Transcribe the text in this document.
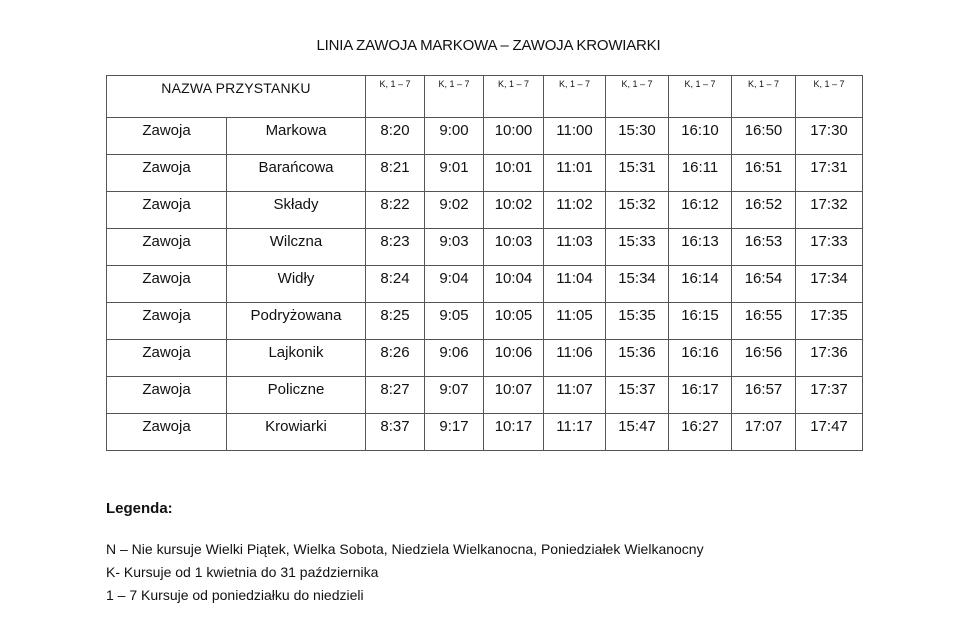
LINIA ZAWOJA MARKOWA – ZAWOJA KROWIARKI
NAZWA PRZYSTANKU		K, 1 – 7	K, 1 – 7	K, 1 – 7	K, 1 – 7	K, 1 – 7	K, 1 – 7	K, 1 – 7	K, 1 – 7
Zawoja	Markowa	8:20	9:00	10:00	11:00	15:30	16:10	16:50	17:30
Zawoja	Barańcowa	8:21	9:01	10:01	11:01	15:31	16:11	16:51	17:31
Zawoja	Składy	8:22	9:02	10:02	11:02	15:32	16:12	16:52	17:32
Zawoja	Wilczna	8:23	9:03	10:03	11:03	15:33	16:13	16:53	17:33
Zawoja	Widły	8:24	9:04	10:04	11:04	15:34	16:14	16:54	17:34
Zawoja	Podryżowana	8:25	9:05	10:05	11:05	15:35	16:15	16:55	17:35
Zawoja	Lajkonik	8:26	9:06	10:06	11:06	15:36	16:16	16:56	17:36
Zawoja	Policzne	8:27	9:07	10:07	11:07	15:37	16:17	16:57	17:37
Zawoja	Krowiarki	8:37	9:17	10:17	11:17	15:47	16:27	17:07	17:47
Legenda:
N – Nie kursuje Wielki Piątek, Wielka Sobota, Niedziela Wielkanocna, Poniedziałek Wielkanocny
K- Kursuje od 1 kwietnia do 31 października
1 – 7 Kursuje od poniedziałku do niedzieli
